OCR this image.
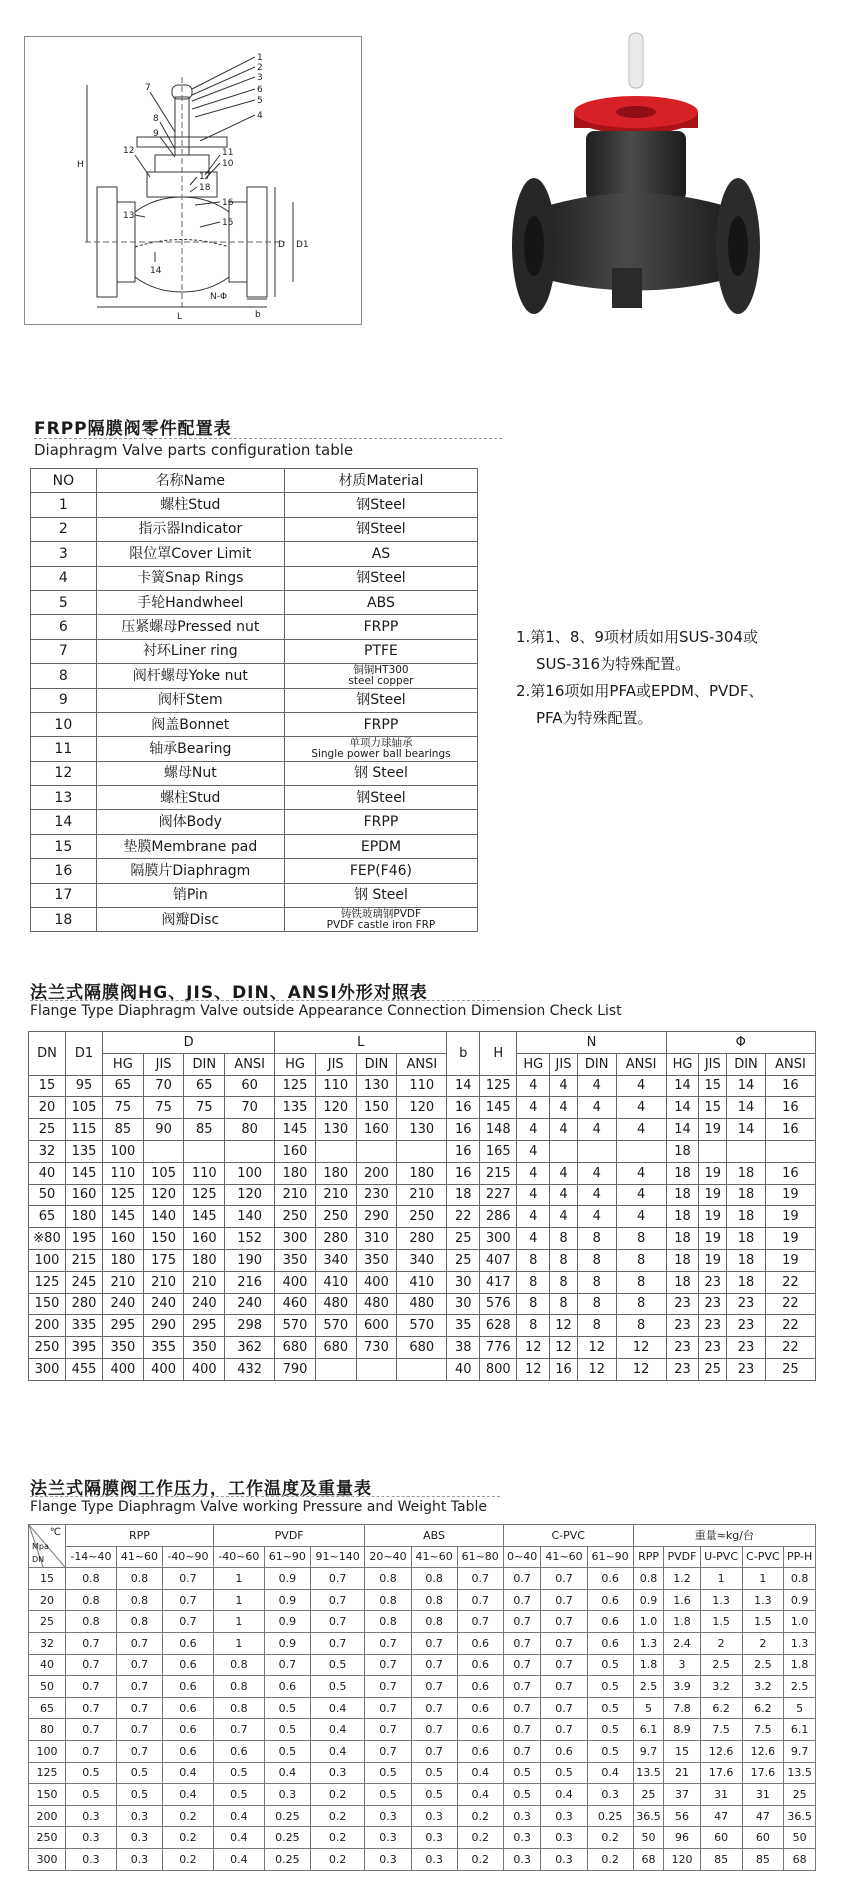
1
2
3
6
5
4
7
8
9
12	11
10
17
18
16
13
15
14
H
D D1
L
N-Φ
b
FRPP隔膜阀零件配置表
Diaphragm Valve parts configuration table
NO	名称Name	材质Material
1	螺柱Stud	钢Steel
2	指示器Indicator	钢Steel
3	限位罩Cover Limit	AS
4	卡簧Snap Rings	钢Steel
5	手轮Handwheel	ABS
6	压紧螺母Pressed nut	FRPP
7	衬环Liner ring	PTFE
8	阀杆螺母Yoke nut	铜铜HT300
steel copper

9	阀杆Stem	钢Steel
10	阀盖Bonnet	FRPP
11	轴承Bearing	单项力球轴承
Single power ball bearings

12	螺母Nut	钢 Steel
13	螺柱Stud	钢Steel
14	阀体Body	FRPP
15	垫膜Membrane pad	EPDM
16	隔膜片Diaphragm	FEP(F46)
17	销Pin	钢 Steel
18	阀瓣Disc	铸铁玻璃钢PVDF
PVDF castle iron FRP
1.第1、8、9项材质如用SUS-304或
SUS-316为特殊配置。
2.第16项如用PFA或EPDM、PVDF、
PFA为特殊配置。
法兰式隔膜阀HG、JIS、DIN、ANSI外形对照表
Flange Type Diaphragm Valve outside Appearance Connection Dimension Check List
DN	D1	D				L				b	H	N				Φ			
		HG	JIS	DIN	ANSI	HG	JIS	DIN	ANSI			HG	JIS	DIN	ANSI	HG	JIS	DIN	ANSI
15	95	65	70	65	60	125	110	130	110	14	125	4	4	4	4	14	15	14	16
20	105	75	75	75	70	135	120	150	120	16	145	4	4	4	4	14	15	14	16
25	115	85	90	85	80	145	130	160	130	16	148	4	4	4	4	14	19	14	16
32	135	100				160				16	165	4				18			
40	145	110	105	110	100	180	180	200	180	16	215	4	4	4	4	18	19	18	16
50	160	125	120	125	120	210	210	230	210	18	227	4	4	4	4	18	19	18	19
65	180	145	140	145	140	250	250	290	250	22	286	4	4	4	4	18	19	18	19
※80	195	160	150	160	152	300	280	310	280	25	300	4	8	8	8	18	19	18	19
100	215	180	175	180	190	350	340	350	340	25	407	8	8	8	8	18	19	18	19
125	245	210	210	210	216	400	410	400	410	30	417	8	8	8	8	18	23	18	22
150	280	240	240	240	240	460	480	480	480	30	576	8	8	8	8	23	23	23	22
200	335	295	290	295	298	570	570	600	570	35	628	8	12	8	8	23	23	23	22
250	395	350	355	350	362	680	680	730	680	38	776	12	12	12	12	23	23	23	22
300	455	400	400	400	432	790				40	800	12	16	12	12	23	25	23	25
法兰式隔膜阀工作压力，工作温度及重量表
Flange Type Diaphragm Valve working Pressure and Weight Table
℃
Mpa
DN	RPP			PVDF			ABS			C-PVC			重量≈kg/台				
	-14~40	41~60	-40~90	-40~60	61~90	91~140	20~40	41~60	61~80	0~40	41~60	61~90	RPP	PVDF	U-PVC	C-PVC	PP-H
15	0.8	0.8	0.7	1	0.9	0.7	0.8	0.8	0.7	0.7	0.7	0.6	0.8	1.2	1	1	0.8
20	0.8	0.8	0.7	1	0.9	0.7	0.8	0.8	0.7	0.7	0.7	0.6	0.9	1.6	1.3	1.3	0.9
25	0.8	0.8	0.7	1	0.9	0.7	0.8	0.8	0.7	0.7	0.7	0.6	1.0	1.8	1.5	1.5	1.0
32	0.7	0.7	0.6	1	0.9	0.7	0.7	0.7	0.6	0.7	0.7	0.6	1.3	2.4	2	2	1.3
40	0.7	0.7	0.6	0.8	0.7	0.5	0.7	0.7	0.6	0.7	0.7	0.5	1.8	3	2.5	2.5	1.8
50	0.7	0.7	0.6	0.8	0.6	0.5	0.7	0.7	0.6	0.7	0.7	0.5	2.5	3.9	3.2	3.2	2.5
65	0.7	0.7	0.6	0.8	0.5	0.4	0.7	0.7	0.6	0.7	0.7	0.5	5	7.8	6.2	6.2	5
80	0.7	0.7	0.6	0.7	0.5	0.4	0.7	0.7	0.6	0.7	0.7	0.5	6.1	8.9	7.5	7.5	6.1
100	0.7	0.7	0.6	0.6	0.5	0.4	0.7	0.7	0.6	0.7	0.6	0.5	9.7	15	12.6	12.6	9.7
125	0.5	0.5	0.4	0.5	0.4	0.3	0.5	0.5	0.4	0.5	0.5	0.4	13.5	21	17.6	17.6	13.5
150	0.5	0.5	0.4	0.5	0.3	0.2	0.5	0.5	0.4	0.5	0.4	0.3	25	37	31	31	25
200	0.3	0.3	0.2	0.4	0.25	0.2	0.3	0.3	0.2	0.3	0.3	0.25	36.5	56	47	47	36.5
250	0.3	0.3	0.2	0.4	0.25	0.2	0.3	0.3	0.2	0.3	0.3	0.2	50	96	60	60	50
300	0.3	0.3	0.2	0.4	0.25	0.2	0.3	0.3	0.2	0.3	0.3	0.2	68	120	85	85	68
